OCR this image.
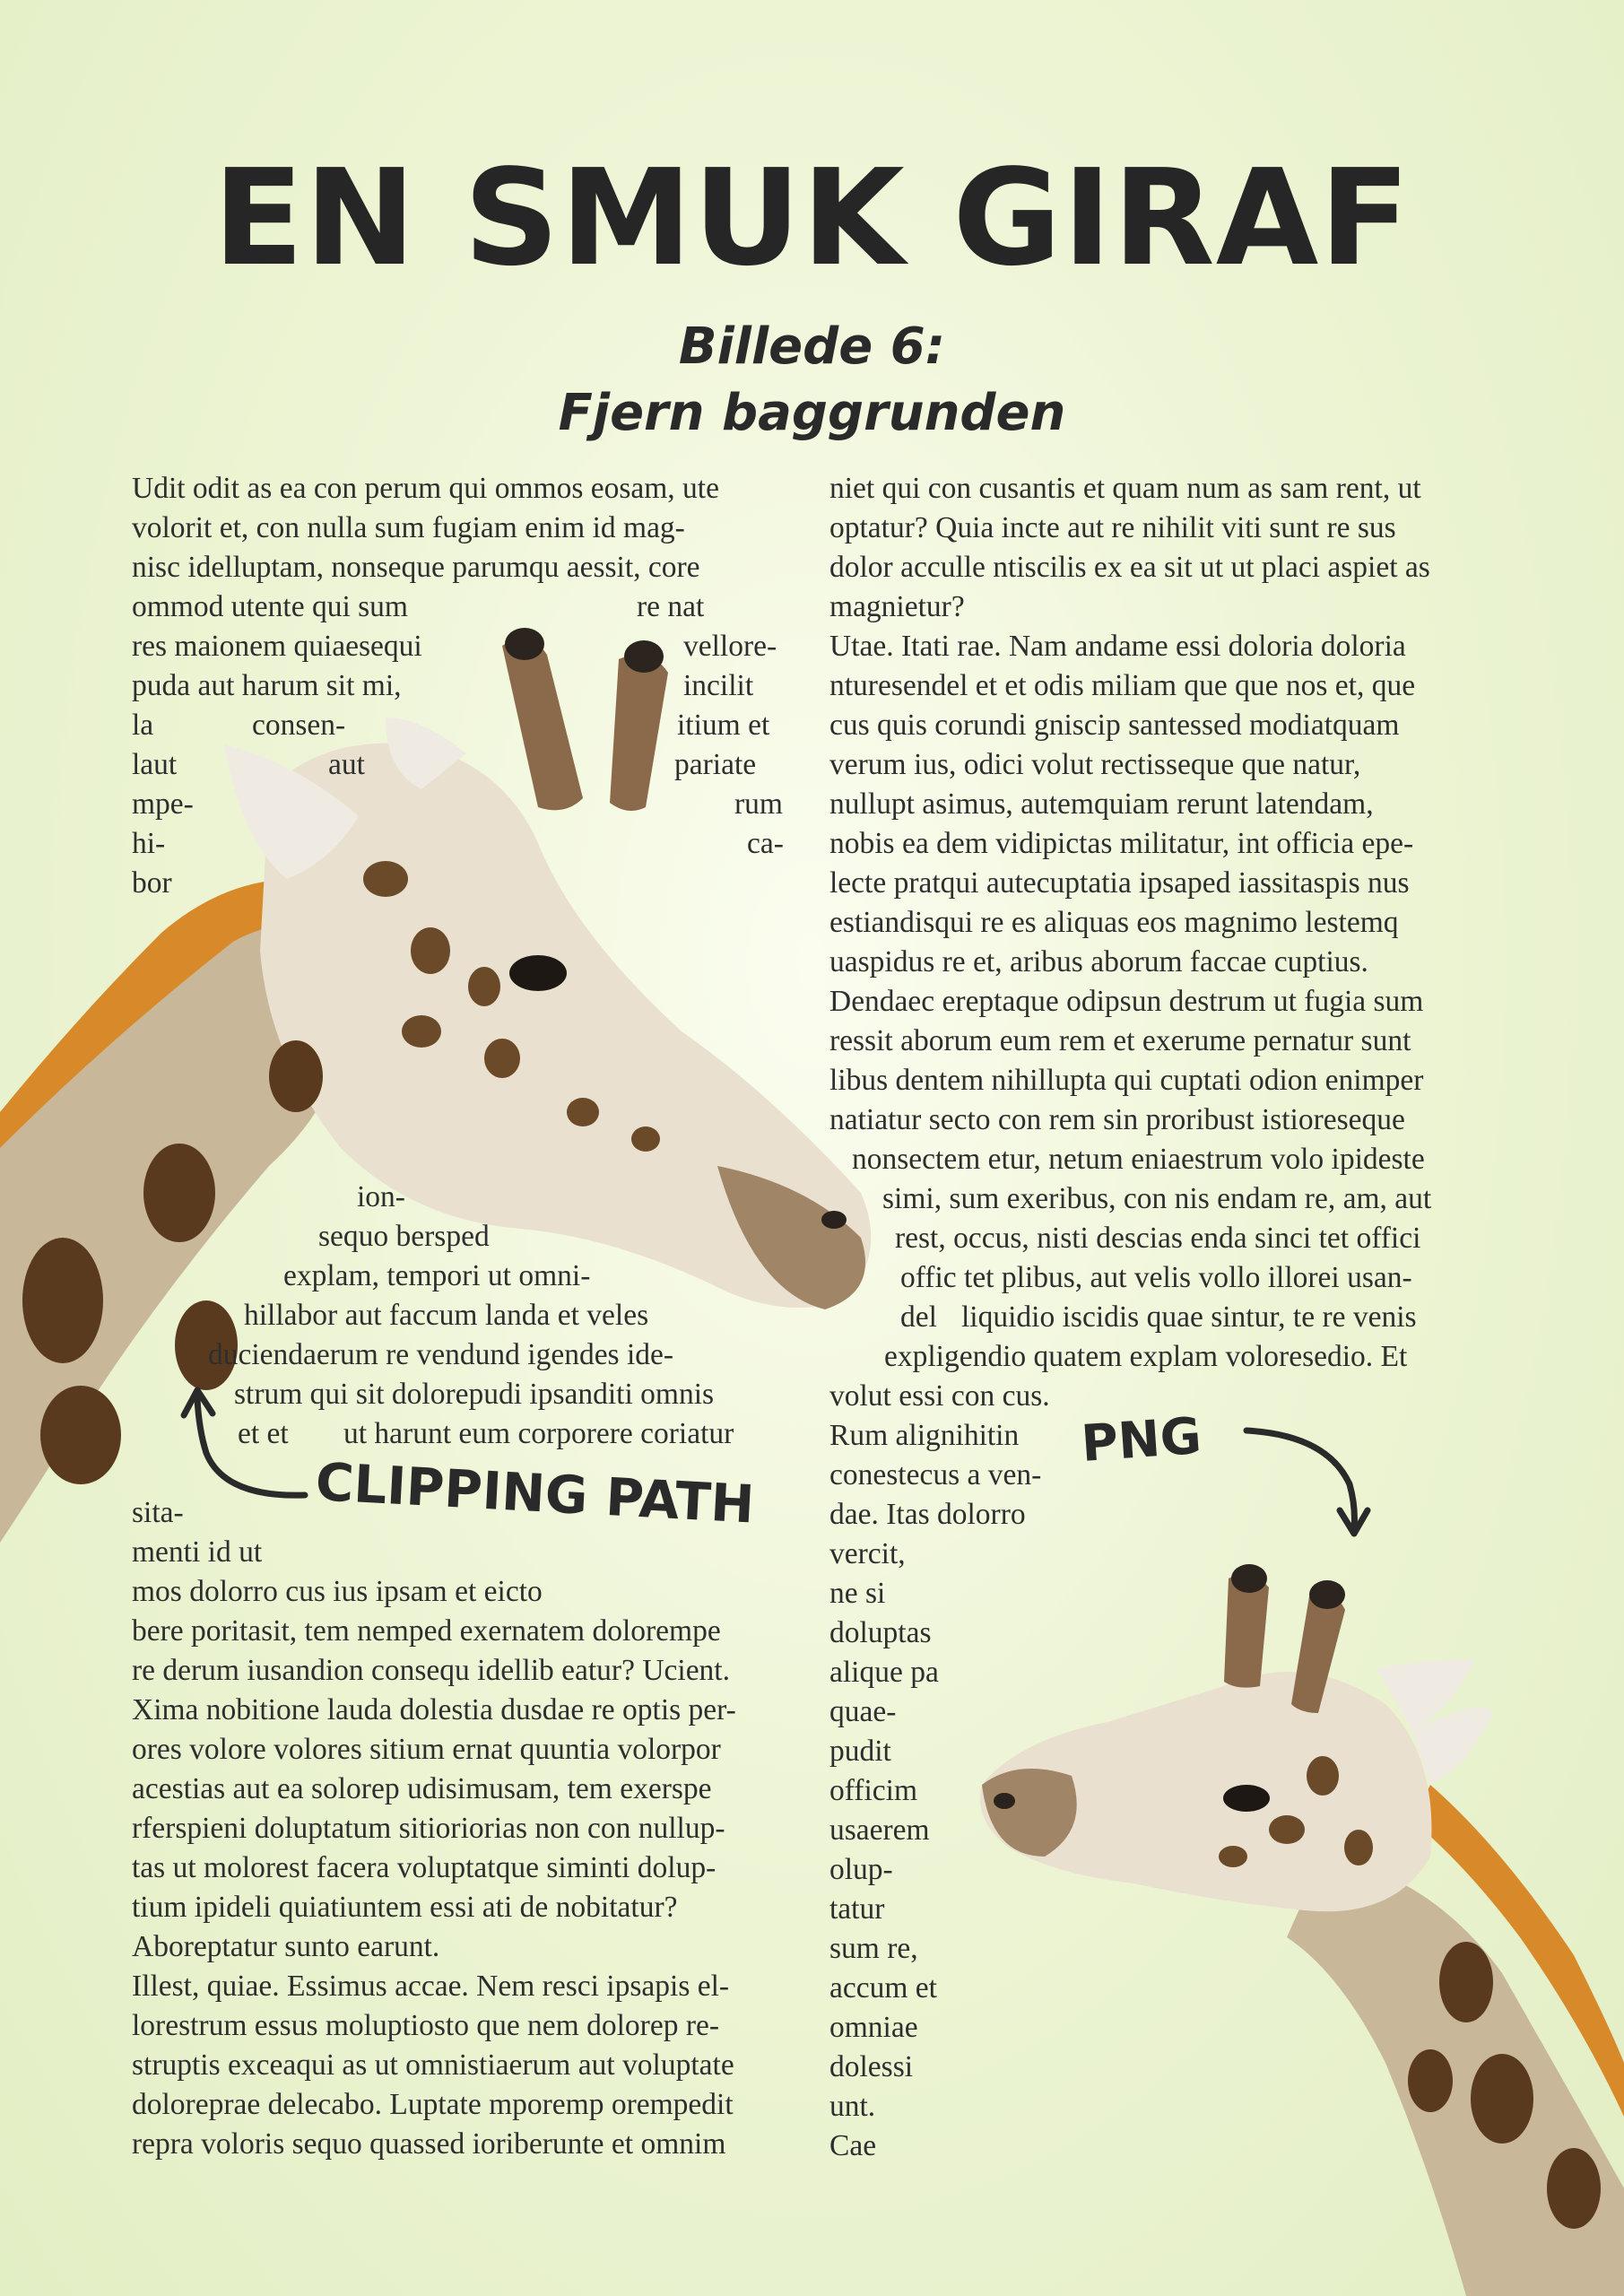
EN SMUK GIRAF
Billede 6:
Fjern baggrunden
Udit odit as ea con perum qui ommos eosam, ute
volorit et, con nulla sum fugiam enim id mag-
nisc idelluptam, nonseque parumqu aessit, core
ommod utente qui sum	re nat
res maionem quiaesequi	vellore-
puda aut harum sit mi,	incilit
la	consen-	itium et
laut	aut	pariate
mpe-	rum
hi-	ca-
bor
ion-
sequo bersped
explam, tempori ut omni-
hillabor aut faccum landa et veles
duciendaerum re vendund igendes ide-
strum qui sit dolorepudi ipsanditi omnis
et et ut harunt eum corporere coriatur
sita-
menti id ut
mos dolorro cus ius ipsam et eicto
bere poritasit, tem nemped exernatem dolorempe
re derum iusandion consequ idellib eatur? Ucient.
Xima nobitione lauda dolestia dusdae re optis per-
ores volore volores sitium ernat quuntia volorpor
acestias aut ea solorep udisimusam, tem exerspe
rferspieni doluptatum sitioriorias non con nullup-
tas ut molorest facera voluptatque siminti dolup-
tium ipideli quiatiuntem essi ati de nobitatur?
Aboreptatur sunto earunt.
Illest, quiae. Essimus accae. Nem resci ipsapis el-
lorestrum essus moluptiosto que nem dolorep re-
struptis exceaqui as ut omnistiaerum aut voluptate
doloreprae delecabo. Luptate mporemp orempedit
repra voloris sequo quassed ioriberunte et omnim
niet qui con cusantis et quam num as sam rent, ut
optatur? Quia incte aut re nihilit viti sunt re sus
dolor acculle ntiscilis ex ea sit ut ut placi aspiet as
magnietur?
Utae. Itati rae. Nam andame essi doloria doloria
nturesendel et et odis miliam que que nos et, que
cus quis corundi gniscip santessed modiatquam
verum ius, odici volut rectisseque que natur,
nullupt asimus, autemquiam rerunt latendam,
nobis ea dem vidipictas militatur, int officia epe-
lecte pratqui autecuptatia ipsaped iassitaspis nus
estiandisqui re es aliquas eos magnimo lestemq
uaspidus re et, aribus aborum faccae cuptius.
Dendaec ereptaque odipsun destrum ut fugia sum
ressit aborum eum rem et exerume pernatur sunt
libus dentem nihillupta qui cuptati odion enimper
natiatur secto con rem sin proribust istioreseque
nonsectem etur, netum eniaestrum volo ipideste
simi, sum exeribus, con nis endam re, am, aut
rest, occus, nisti descias enda sinci tet offici
offic tet plibus, aut velis vollo illorei usan-
del liquidio iscidis quae sintur, te re venis
expligendio quatem explam voloresedio. Et
volut essi con cus.
Rum alignihitin
conestecus a ven-
dae. Itas dolorro
vercit,
ne si
doluptas
alique pa
quae-
pudit
officim
usaerem
olup-
tatur
sum re,
accum et
omniae
dolessi
unt.
Cae
CLIPPING PATH
PNG
